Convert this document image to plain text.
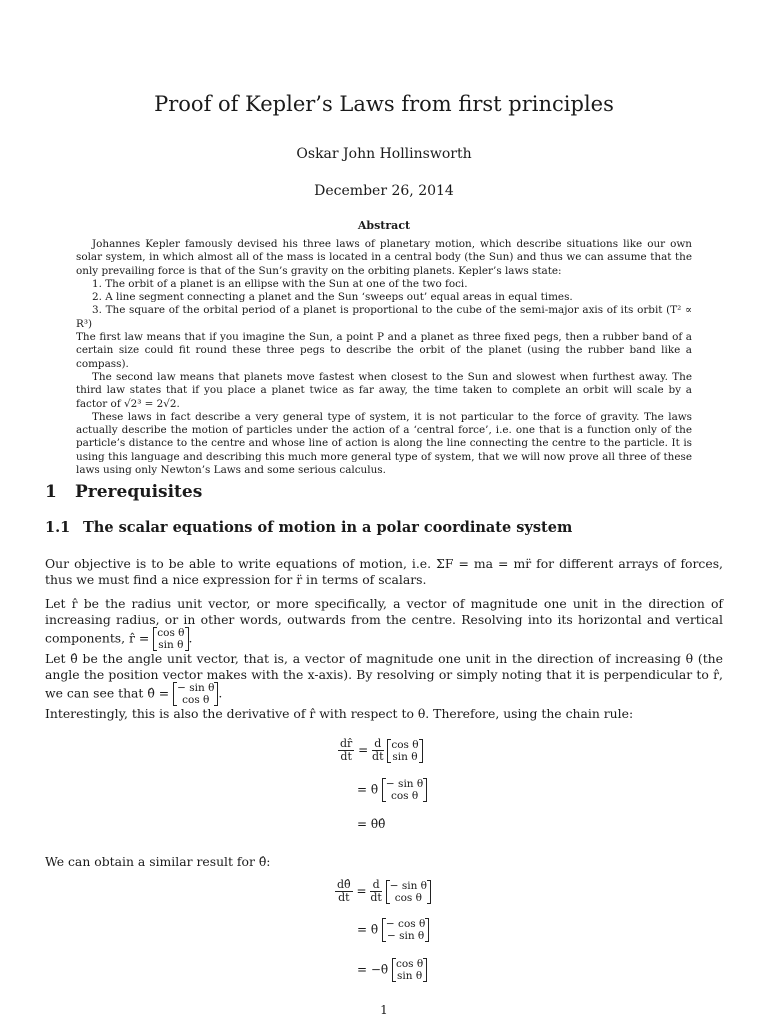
Proof of Kepler’s Laws from first principles
Oskar John Hollinsworth
December 26, 2014
Abstract

Johannes Kepler famously devised his three laws of planetary motion, which describe situations like our own solar system, in which almost all of the mass is located in a central body (the Sun) and thus we can assume that the only prevailing force is that of the Sun’s gravity on the orbiting planets. Kepler’s laws state:

1. The orbit of a planet is an ellipse with the Sun at one of the two foci.

2. A line segment connecting a planet and the Sun ‘sweeps out’ equal areas in equal times.

3. The square of the orbital period of a planet is proportional to the cube of the semi-major axis of its orbit (T² ∝ R³)

The first law means that if you imagine the Sun, a point P and a planet as three fixed pegs, then a rubber band of a certain size could fit round these three pegs to describe the orbit of the planet (using the rubber band like a compass).

The second law means that planets move fastest when closest to the Sun and slowest when furthest away. The third law states that if you place a planet twice as far away, the time taken to complete an orbit will scale by a factor of √2³ = 2√2.

These laws in fact describe a very general type of system, it is not particular to the force of gravity. The laws actually describe the motion of particles under the action of a ‘central force’, i.e. one that is a function only of the particle’s distance to the centre and whose line of action is along the line connecting the centre to the particle. It is using this language and describing this much more general type of system, that we will now prove all three of these laws using only Newton’s Laws and some serious calculus.

1 Prerequisites
1.1 The scalar equations of motion in a polar coordinate system

Our objective is to be able to write equations of motion, i.e. ΣF = ma = mr̈ for different arrays of forces, thus we must find a nice expression for r̈ in terms of scalars.

Let r̂ be the radius unit vector, or more specifically, a vector of magnitude one unit in the direction of increasing radius, or in other words, outwards from the centre. Resolving into its horizontal and vertical components, r̂ = cos θ
sin θ .
Let θ̂ be the angle unit vector, that is, a vector of magnitude one unit in the direction of increasing θ (the angle the position vector makes with the x-axis). By resolving or simply noting that it is perpendicular to r̂, we can see that θ̂ = − sin θ
cos θ .

Interestingly, this is also the derivative of r̂ with respect to θ. Therefore, using the chain rule:

$\frac{dr̂}{dt} = \frac{d}{dt}$
cos θ
sin θ
= θ̇ − sin θ
cos θ
= θ̇θ̂

We can obtain a similar result for θ̂:

$\frac{d\thetâ}{dt} = \frac{d}{dt}$
− sin θ
cos θ
= θ̇ − cos θ
− sin θ
= −θ̇ cos θ
sin θ
1
